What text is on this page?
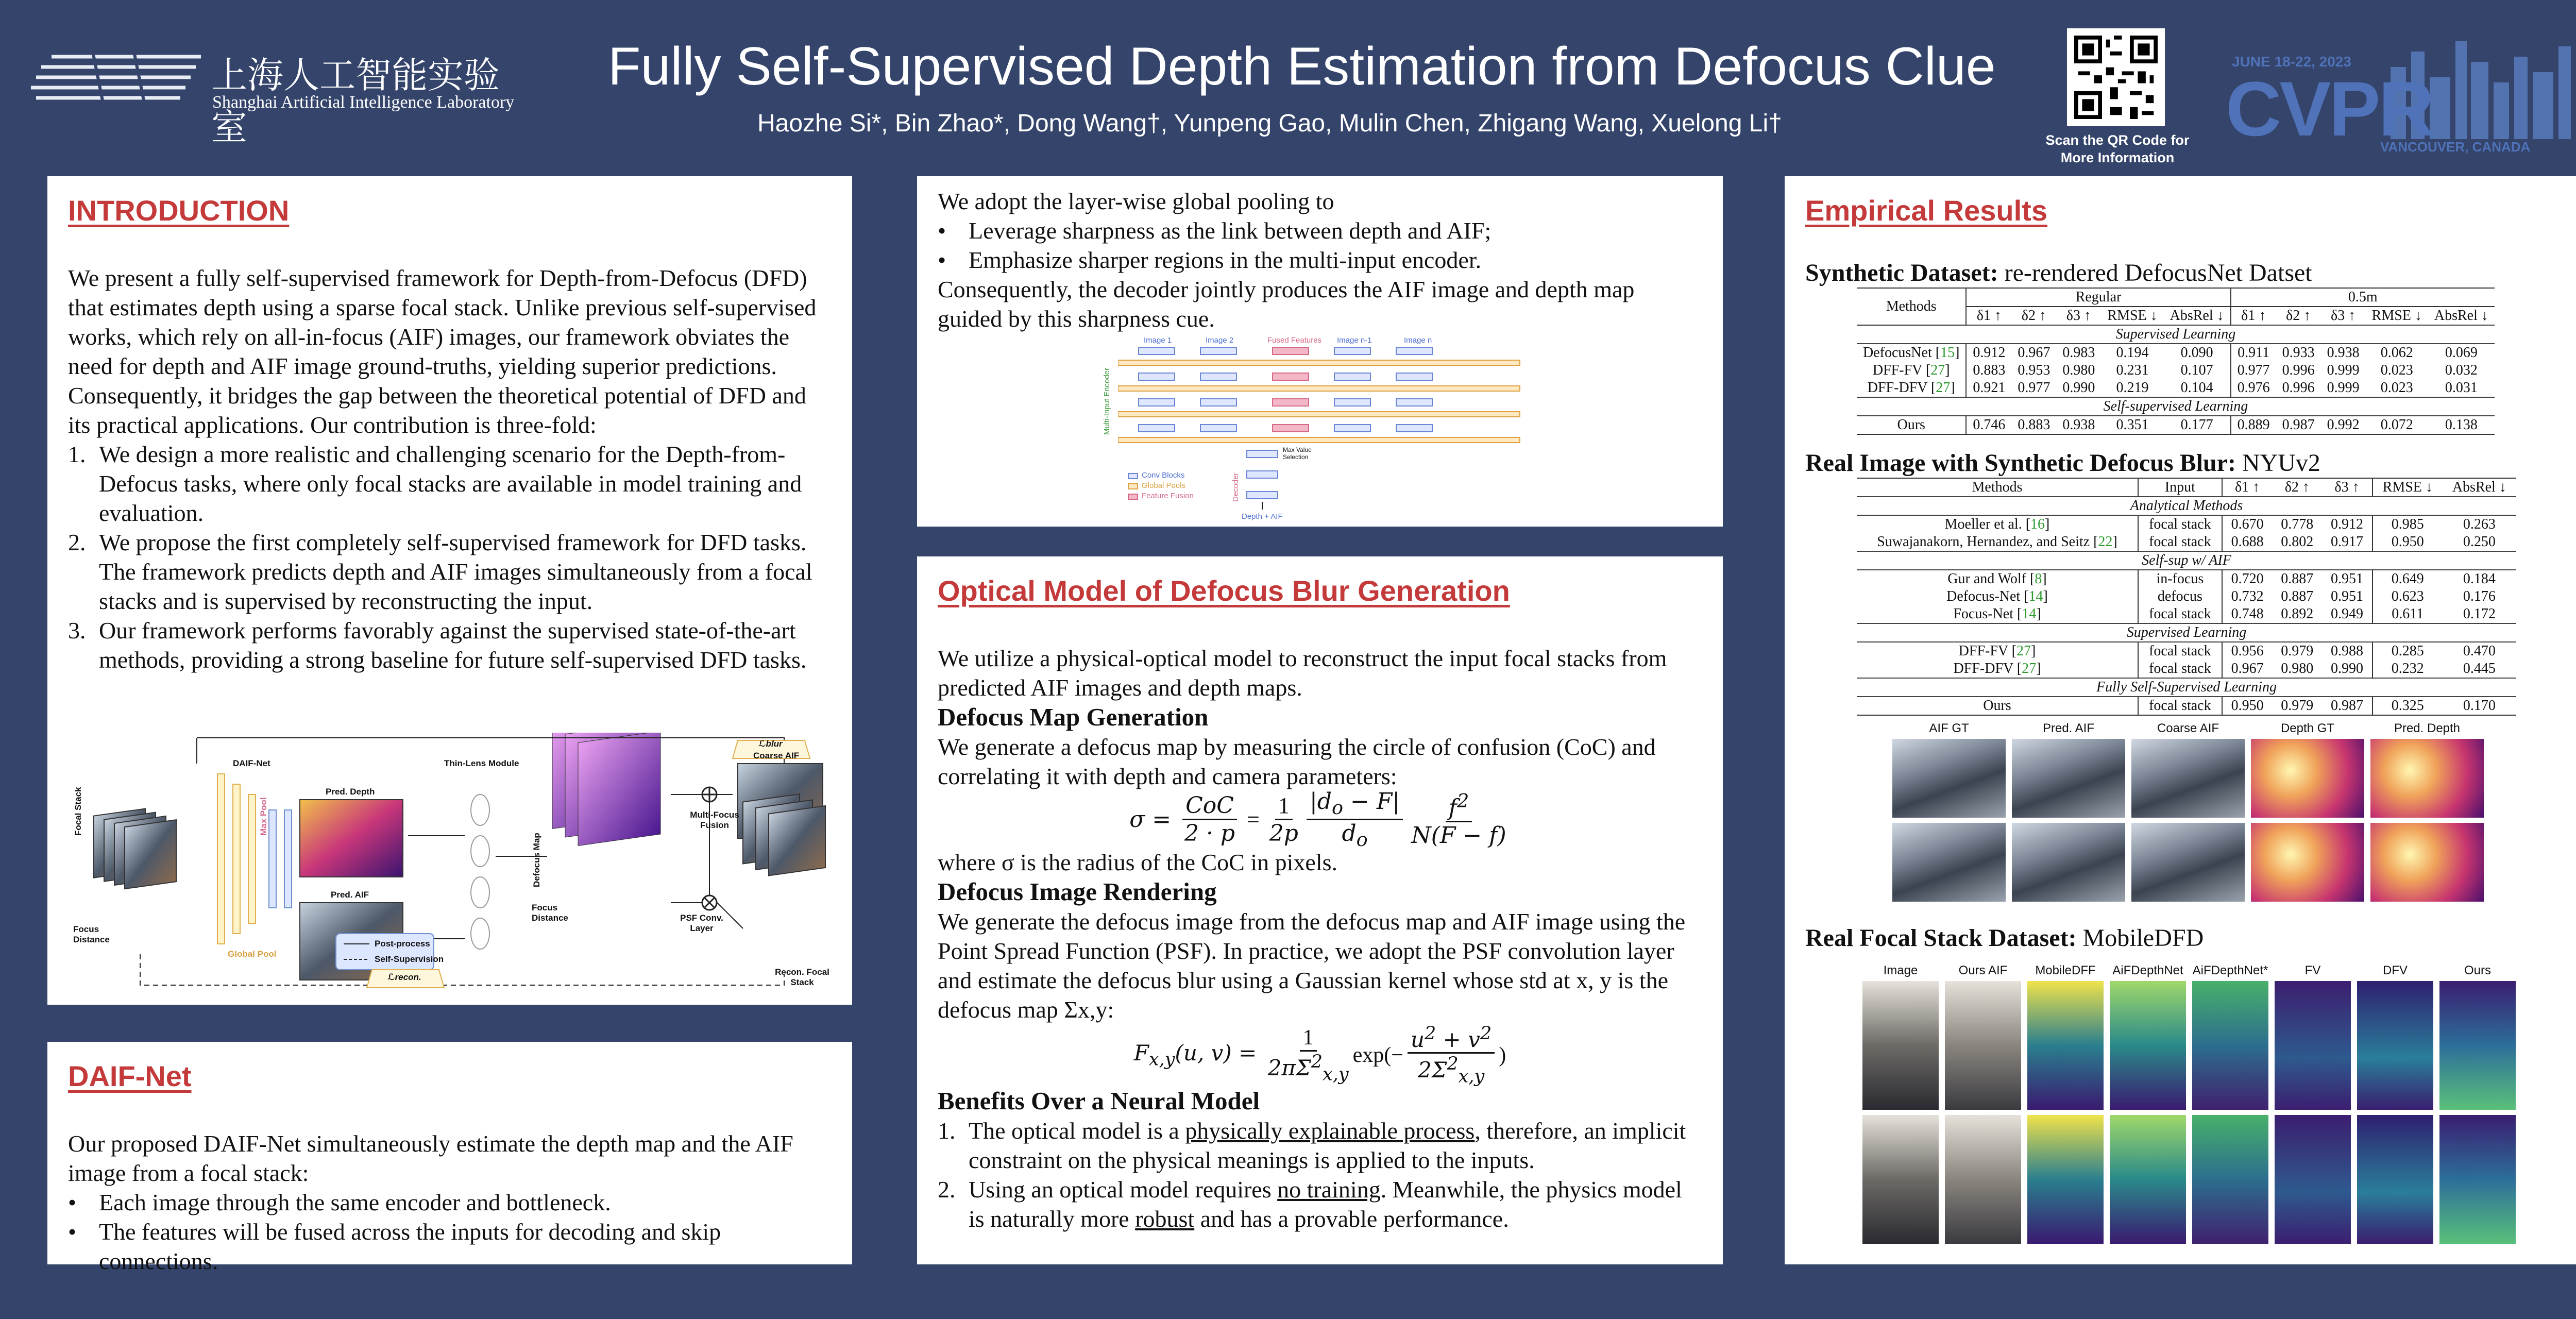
上海人工智能实验室
Shanghai Artificial Intelligence Laboratory
Fully Self-Supervised Depth Estimation from Defocus Clue
Haozhe Si*, Bin Zhao*, Dong Wang†, Yunpeng Gao, Mulin Chen, Zhigang Wang, Xuelong Li†
Scan the QR Code for
More Information
JUNE 18-22, 2023
CVPR
VANCOUVER, CANADA
INTRODUCTION
We present a fully self-supervised framework for Depth-from-Defocus (DFD) that estimates depth using a sparse focal stack. Unlike previous self-supervised works, which rely on all-in-focus (AIF) images, our framework obviates the need for depth and AIF image ground-truths, yielding superior predictions. Consequently, it bridges the gap between the theoretical potential of DFD and its practical applications. Our contribution is three-fold:
1. We design a more realistic and challenging scenario for the Depth-from-Defocus tasks, where only focal stacks are available in model training and evaluation.
2. We propose the first completely self-supervised framework for DFD tasks. The framework predicts depth and AIF images simultaneously from a focal stacks and is supervised by reconstructing the input.
3. Our framework performs favorably against the supervised state-of-the-art methods, providing a strong baseline for future self-supervised DFD tasks.
Focal Stack
Focus Distance
DAIF-Net
Max Pool
Global Pool
Pred. Depth
Pred. AIF
Thin-Lens Module
Defocus Map
Focus Distance
Multi-Focus Fusion
Coarse AIF
ℒblur
PSF Conv. Layer
Recon. Focal Stack
ℒrecon.
Post-process
Self-Supervision
DAIF-Net
Our proposed DAIF-Net simultaneously estimate the depth map and the AIF image from a focal stack:
• Each image through the same encoder and bottleneck.
• The features will be fused across the inputs for decoding and skip connections.
We adopt the layer-wise global pooling to
• Leverage sharpness as the link between depth and AIF;
• Emphasize sharper regions in the multi-input encoder.
Consequently, the decoder jointly produces the AIF image and depth map guided by this sharpness cue.
Image 1	Image 2	Fused Features Image n-1	Image n
Multi-Input Encoder
Max Value Selection
Decoder
Depth + AIF
Conv Blocks
Global Pools
Feature Fusion
Optical Model of Defocus Blur Generation
We utilize a physical-optical model to reconstruct the input focal stacks from predicted AIF images and depth maps.
Defocus Map Generation
We generate a defocus map by measuring the circle of confusion (CoC) and correlating it with depth and camera parameters:
σ =
CoC
2 · p
= $\frac{1}{2p} \frac{|d_o - F|}{d_o} \frac{f^2}{N(F - f)}$
where σ is the radius of the CoC in pixels.
Defocus Image Rendering
We generate the defocus image from the defocus map and AIF image using the Point Spread Function (PSF). In practice, we adopt the PSF convolution layer and estimate the defocus blur using a Gaussian kernel whose std at x, y is the defocus map Σx,y:
$F_{x,y}(u$, $v) = \frac{1}{2\pi\Sigma^2_{x,y}} \exp(- \frac{u^2 + v^2}{2\Sigma^2_{x,y}}$ )
Benefits Over a Neural Model
1. The optical model is a physically explainable process, therefore, an implicit constraint on the physical meanings is applied to the inputs.
2. Using an optical model requires no training. Meanwhile, the physics model is naturally more robust and has a provable performance.
Empirical Results
Synthetic Dataset: re-rendered DefocusNet Datset
Methods	Regular					0.5m				
	δ1 ↑	δ2 ↑	δ3 ↑	RMSE ↓	AbsRel ↓	δ1 ↑	δ2 ↑	δ3 ↑	RMSE ↓	AbsRel ↓
Supervised Learning										
DefocusNet [15]	0.912	0.967	0.983	0.194	0.090	0.911	0.933	0.938	0.062	0.069
DFF-FV [27]	0.883	0.953	0.980	0.231	0.107	0.977	0.996	0.999	0.023	0.032
DFF-DFV [27]	0.921	0.977	0.990	0.219	0.104	0.976	0.996	0.999	0.023	0.031
Self-supervised Learning										
Ours	0.746	0.883	0.938	0.351	0.177	0.889	0.987	0.992	0.072	0.138
Real Image with Synthetic Defocus Blur: NYUv2
Methods	Input	δ1 ↑	δ2 ↑	δ3 ↑	RMSE ↓	AbsRel ↓
Analytical Methods						
Moeller et al. [16]	focal stack	0.670	0.778	0.912	0.985	0.263
Suwajanakorn, Hernandez, and Seitz [22]	focal stack	0.688	0.802	0.917	0.950	0.250
Self-sup w/ AIF						
Gur and Wolf [8]	in-focus	0.720	0.887	0.951	0.649	0.184
Defocus-Net [14]	defocus	0.732	0.887	0.951	0.623	0.176
Focus-Net [14]	focal stack	0.748	0.892	0.949	0.611	0.172
Supervised Learning						
DFF-FV [27]	focal stack	0.956	0.979	0.988	0.285	0.470
DFF-DFV [27]	focal stack	0.967	0.980	0.990	0.232	0.445
Fully Self-Supervised Learning						
Ours	focal stack	0.950	0.979	0.987	0.325	0.170
AIF GT	Pred. AIF	Coarse AIF	Depth GT	Pred. Depth
Real Focal Stack Dataset: MobileDFD
Image	Ours AIF	MobileDFF	AiFDepthNet AiFDepthNet*	FV	DFV	Ours
